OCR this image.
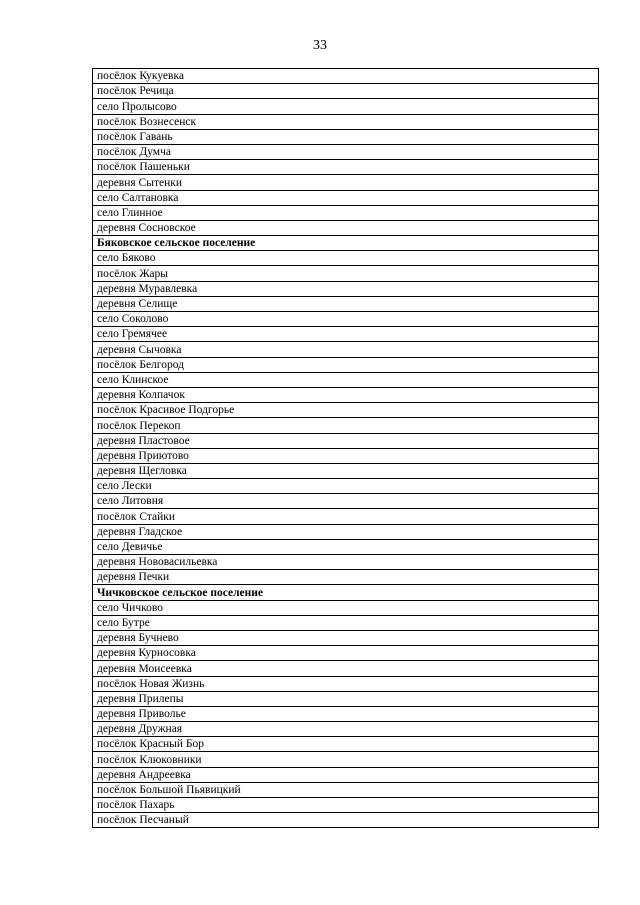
33
посёлок Кукуевка
посёлок Речица
село Пролысово
посёлок Вознесенск
посёлок Гавань
посёлок Думча
посёлок Пашеньки
деревня Сытенки
село Салтановка
село Глинное
деревня Сосновское
Бяковское сельское поселение
село Бяково
посёлок Жары
деревня Муравлевка
деревня Селище
село Соколово
село Гремячее
деревня Сычовка
посёлок Белгород
село Клинское
деревня Колпачок
посёлок Красивое Подгорье
посёлок Перекоп
деревня Пластовое
деревня Приютово
деревня Щегловка
село Лески
село Литовня
посёлок Стайки
деревня Гладское
село Девичье
деревня Нововасильевка
деревня Печки
Чичковское сельское поселение
село Чичково
село Бутре
деревня Бучнево
деревня Курносовка
деревня Моисеевка
посёлок Новая Жизнь
деревня Прилепы
деревня Приволье
деревня Дружная
посёлок Красный Бор
посёлок Клюковники
деревня Андреевка
посёлок Большой Пьявицкий
посёлок Пахарь
посёлок Песчаный
